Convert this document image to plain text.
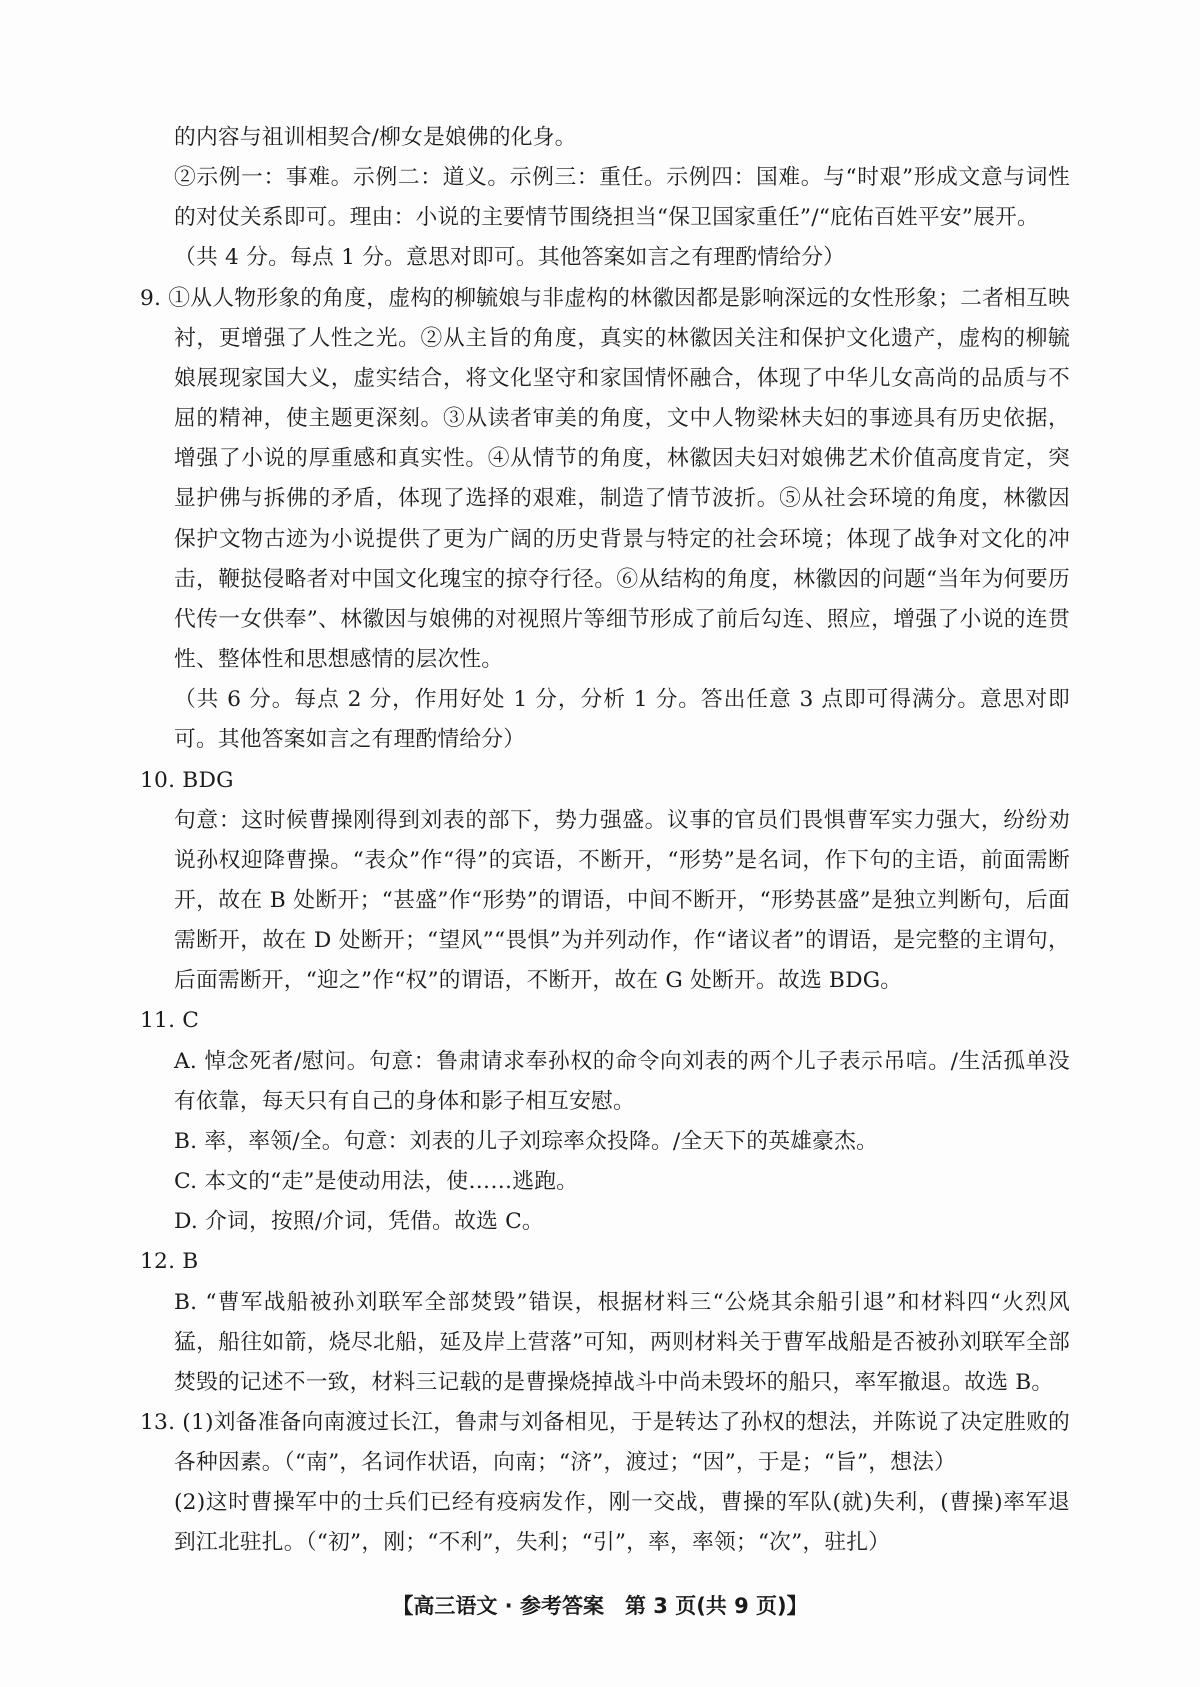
的内容与祖训相契合/柳女是娘佛的化身。

②示例一：事难。示例二：道义。示例三：重任。示例四：国难。与“时艰”形成文意与词性的对仗关系即可。理由：小说的主要情节围绕担当“保卫国家重任”/“庇佑百姓平安”展开。

（共 4 分。每点 1 分。意思对即可。其他答案如言之有理酌情给分）

9. ①从人物形象的角度，虚构的柳毓娘与非虚构的林徽因都是影响深远的女性形象；二者相互映衬，更增强了人性之光。②从主旨的角度，真实的林徽因关注和保护文化遗产，虚构的柳毓娘展现家国大义，虚实结合，将文化坚守和家国情怀融合，体现了中华儿女高尚的品质与不屈的精神，使主题更深刻。③从读者审美的角度，文中人物梁林夫妇的事迹具有历史依据，增强了小说的厚重感和真实性。④从情节的角度，林徽因夫妇对娘佛艺术价值高度肯定，突显护佛与拆佛的矛盾，体现了选择的艰难，制造了情节波折。⑤从社会环境的角度，林徽因保护文物古迹为小说提供了更为广阔的历史背景与特定的社会环境；体现了战争对文化的冲击，鞭挞侵略者对中国文化瑰宝的掠夺行径。⑥从结构的角度，林徽因的问题“当年为何要历代传一女供奉”、林徽因与娘佛的对视照片等细节形成了前后勾连、照应，增强了小说的连贯性、整体性和思想感情的层次性。

（共 6 分。每点 2 分，作用好处 1 分，分析 1 分。答出任意 3 点即可得满分。意思对即可。其他答案如言之有理酌情给分）

10. BDG

句意：这时候曹操刚得到刘表的部下，势力强盛。议事的官员们畏惧曹军实力强大，纷纷劝说孙权迎降曹操。“表众”作“得”的宾语，不断开，“形势”是名词，作下句的主语，前面需断开，故在 B 处断开；“甚盛”作“形势”的谓语，中间不断开，“形势甚盛”是独立判断句，后面需断开，故在 D 处断开；“望风”“畏惧”为并列动作，作“诸议者”的谓语，是完整的主谓句，后面需断开，“迎之”作“权”的谓语，不断开，故在 G 处断开。故选 BDG。

11. C

A. 悼念死者/慰问。句意：鲁肃请求奉孙权的命令向刘表的两个儿子表示吊唁。/生活孤单没有依靠，每天只有自己的身体和影子相互安慰。

B. 率，率领/全。句意：刘表的儿子刘琮率众投降。/全天下的英雄豪杰。

C. 本文的“走”是使动用法，使……逃跑。

D. 介词，按照/介词，凭借。故选 C。

12. B

B. “曹军战船被孙刘联军全部焚毁”错误，根据材料三“公烧其余船引退”和材料四“火烈风猛，船往如箭，烧尽北船，延及岸上营落”可知，两则材料关于曹军战船是否被孙刘联军全部焚毁的记述不一致，材料三记载的是曹操烧掉战斗中尚未毁坏的船只，率军撤退。故选 B。

13. (1)刘备准备向南渡过长江，鲁肃与刘备相见，于是转达了孙权的想法，并陈说了决定胜败的各种因素。（“南”，名词作状语，向南；“济”，渡过；“因”，于是；“旨”，想法）

(2)这时曹操军中的士兵们已经有疫病发作，刚一交战，曹操的军队(就)失利，(曹操)率军退到江北驻扎。（“初”，刚；“不利”，失利；“引”，率，率领；“次”，驻扎）

【高三语文 · 参考答案　第 3 页(共 9 页)】
